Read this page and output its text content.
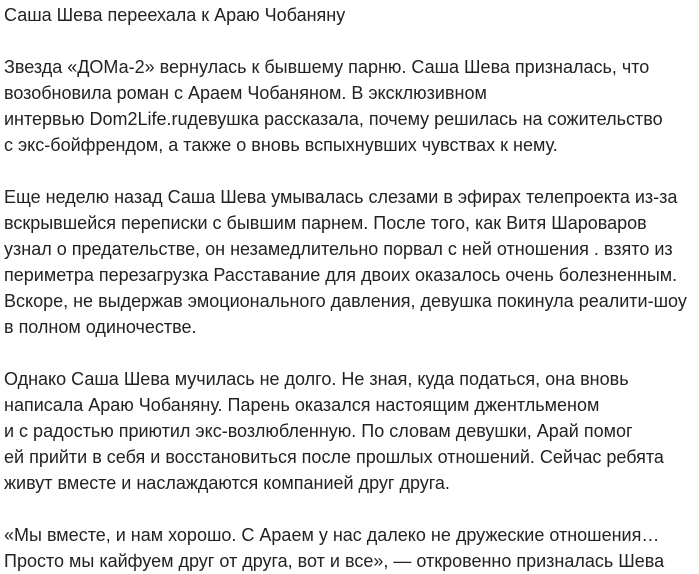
Саша Шева переехала к Араю Чобаняну
Звезда «ДОМа-2» вернулась к бывшему парню. Саша Шева призналась, что
возобновила роман с Араем Чобаняном. В эксклюзивном
интервью Dom2Life.ruдевушка рассказала, почему решилась на сожительство
с экс-бойфрендом, а также о вновь вспыхнувших чувствах к нему.
Еще неделю назад Саша Шева умывалась слезами в эфирах телепроекта из-за
вскрывшейся переписки с бывшим парнем. После того, как Витя Шароваров
узнал о предательстве, он незамедлительно порвал с ней отношения . взято из
периметра перезагрузка Расставание для двоих оказалось очень болезненным.
Вскоре, не выдержав эмоционального давления, девушка покинула реалити-шоу
в полном одиночестве.
Однако Саша Шева мучилась не долго. Не зная, куда податься, она вновь
написала Араю Чобаняну. Парень оказался настоящим джентльменом
и с радостью приютил экс-возлюбленную. По словам девушки, Арай помог
ей прийти в себя и восстановиться после прошлых отношений. Сейчас ребята
живут вместе и наслаждаются компанией друг друга.
«Мы вместе, и нам хорошо. С Араем у нас далеко не дружеские отношения…
Просто мы кайфуем друг от друга, вот и все», — откровенно призналась Шева
